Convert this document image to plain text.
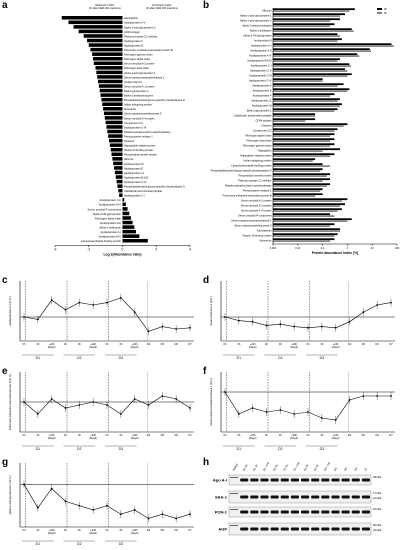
a	Reduced in HDL 3h after CER-001 injections
Enriched in HDL 3h after CER-001 injections
Haptoglobin
Apolipoprotein A-V
Alpha-1-acid glycoprotein 2
CD44 antigen
Plasma protease C1 inhibitor
Apolipoprotein F
Apolipoprotein D
Pulmonary surfactant-associated protein B
Fibrinogen gamma chain
Fibrinogen alpha chain
Serum amyloid A-2 protein
Fibrinogen beta chain
Alpha-1-acid glycoprotein 1
Serum paraoxonase/arylesterase 1
Antithrombin-III
Serum amyloid A-1 protein
Beta-2-glycoprotein 1
Alpha-1-antichymotrypsin
Phosphatidylinositol-glycan-specific phospholipase D
Indian hedgehog protein
Vitronectin
Serum paraoxonase/lactonase 3
Serum amyloid A-4 protein
Complement C3
Apolipoprotein C-III
Platelet-activating factor acetylhydrolase
Prenylcysteine oxidase 1
Clusterin
Haptoglobin-related protein
Vitamin D-binding protein
Phospholipid transfer protein
Albumin
Apolipoprotein M
Apolipoprotein E
Apolipoprotein L1
Apolipoprotein B-100
Apolipoprotein C-IV
Phosphatidylinositol-glycan-specific phospholipase D
Cathelicidin antimicrobial peptide
Apolipoprotein C-I
Apolipoprotein C-II
Apolipoprotein A-IV
Serum amyloid P-component
Alpha-2-HS-glycoprotein
Fibrinogen alpha chain
Apolipoprotein A-II
Alpha-1-antitrypsin
Apolipoprotein A-I
Apolipoprotein A-IV
Lipopolysaccharide-binding protein
-4	-2	0	2	4
Log 2(Abundance ratio)
b	0h
3h
Albumin
Alpha-1-acid glycoprotein 1
Alpha-1-acid glycoprotein 2
Alpha-1-antichymotrypsin
Alpha-1-antitrypsin
Alpha-2-HS-glycoprotein
Antithrombin-III
Apolipoprotein A-I
Apolipoprotein A-II
Apolipoprotein A-IV
Apolipoprotein B-100
Apolipoprotein C-I
Apolipoprotein C-II
Apolipoprotein C-III
Apolipoprotein C-IV
Apolipoprotein D
Apolipoprotein E
Apolipoprotein F
Apolipoprotein L1
Apolipoprotein M
Beta-2-glycoprotein 1
Cathelicidin antimicrobial peptide
CD44 antigen
Clusterin
Complement C3
Fibrinogen alpha chain
Fibrinogen beta chain
Fibrinogen gamma chain
Haptoglobin
Haptoglobin-related protein
Indian hedgehog protein
Lipopolysaccharide-binding protein
Phosphatidylinositol-glycan-specific phospholipase D
Phospholipid transfer protein
Plasma protease C1 inhibitor
Platelet-activating factor acetylhydrolase
Prenylcysteine oxidase 1
Pulmonary surfactant-associated protein B
Serum amyloid A-1 protein
Serum amyloid A-2 protein
Serum amyloid A-4 protein
Serum amyloid P-component
Serum paraoxonase/arylesterase 1
Serum paraoxonase/lactonase 3
Transthyretin
Vitamin D-binding protein
Vitronectin
0.001	0.01	0.1	1	10	100
Protein abundance index [%]
c
0h	3h	+24h (Day2)
0h	3h	+24h (Day2)
0h	3h	+24h (Day2)
D4	D5	D6	D7
D1	D2	D3
Apolipoprotein A-V (R.U.)
d
0h	3h	+24h (Day2)
0h	3h	+24h (Day2)
0h	3h	+24h (Day2)
D4	D5	D6	D7
D1	D2	D3
Serum Amyloid A-1 (R.U.)
e
0h	3h	+24h (Day2)
0h	3h	+24h (Day2)
0h	3h	+24h (Day2)
D4	D5	D6	D7
D1	D2	D3
Pulmonary surfactant-associated protein B (R.U.)
f
0h	3h	+24h (Day2)
0h	3h	+24h (Day2)
0h	3h	+24h (Day2)
D4	D5	D6	D7
D1	D2	D3
Serum paraoxonase/arylesterase 1 (R.U.)
g
0h	3h	+24h (Day2)
0h	3h	+24h (Day2)
0h	3h	+24h (Day2)
D4	D5	D6	D7
D1	D2	D3
Alpha-1-acid glycoprotein 2 (R.U.)
h	Marker	D1 0h	D1 3h	D1 +24h D2 0h	D2 3h	D2 +24h D3 0h	D3 3h	D3 +24h D4	D5	D6	D7
Apo A-I	28 kDa
SAA-1
17 kDa
10 kDa
PON-1	40 kDa
AGP
50 kDa
40 kDa
